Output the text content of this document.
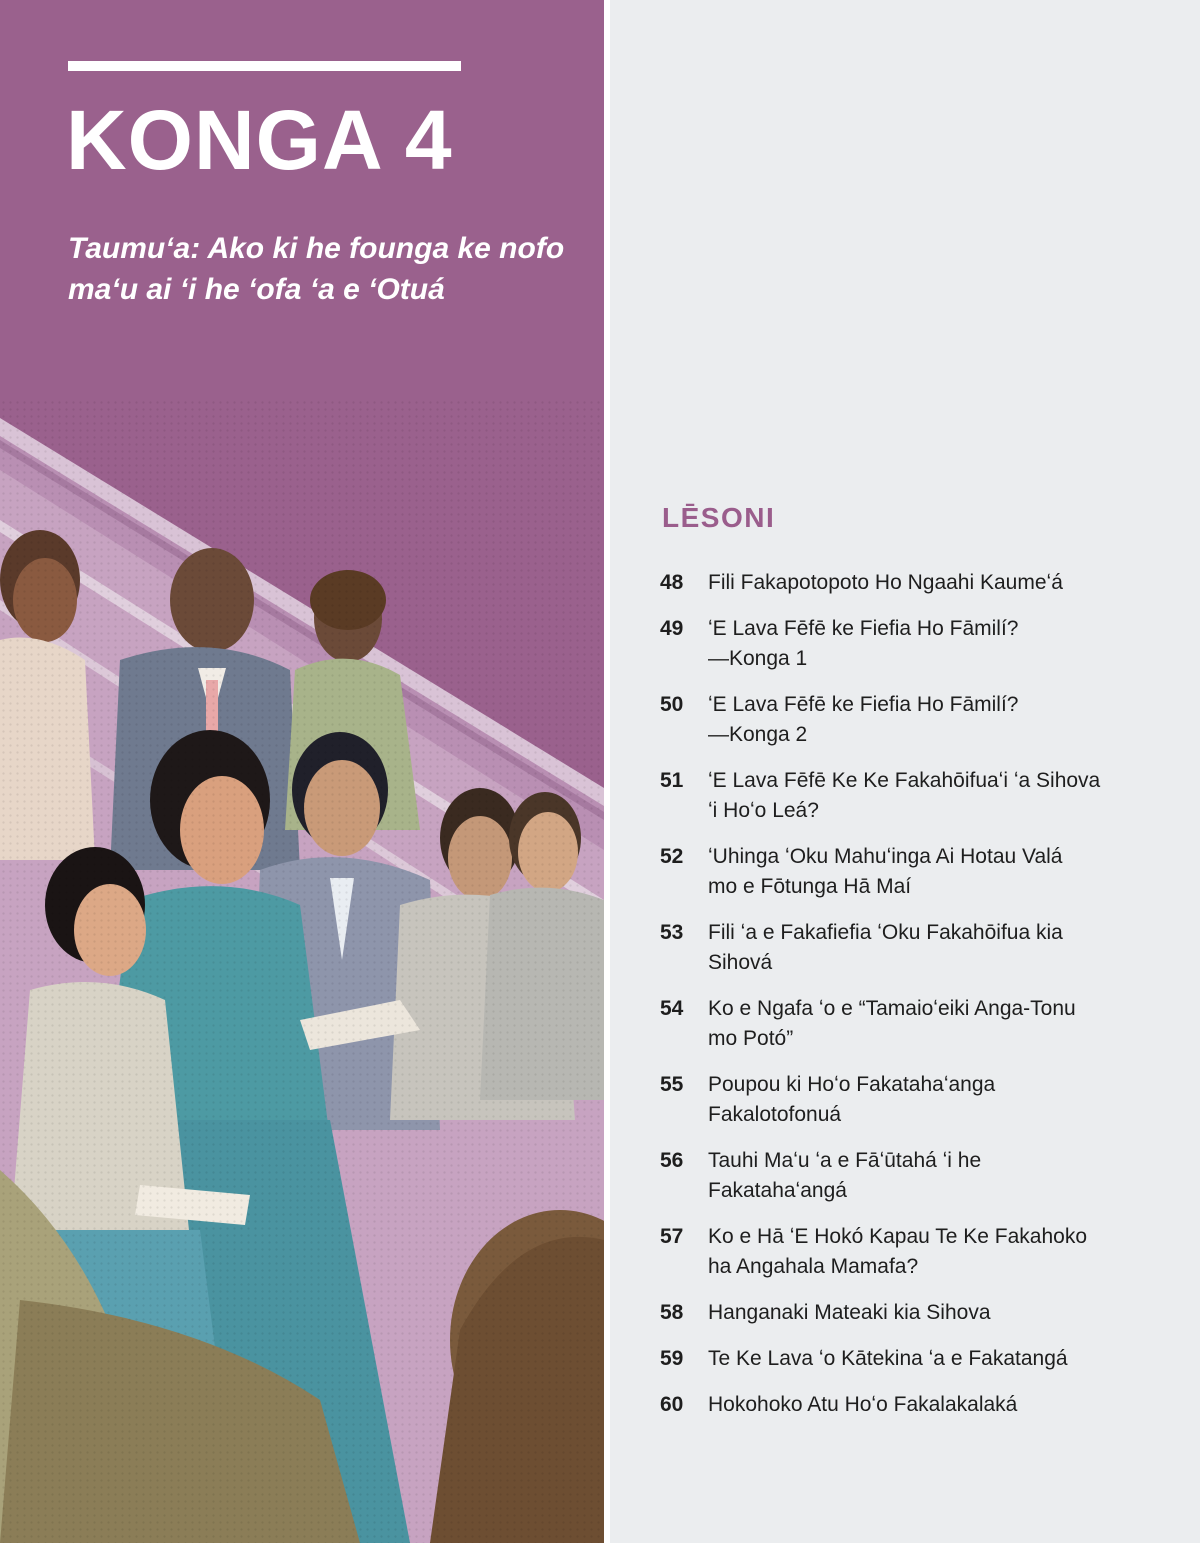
KONGA 4

Taumuʻa: Ako ki he founga ke nofo maʻu ai ʻi he ʻofa ʻa e ʻOtuá

LĒSONI
48	Fili Fakapotopoto Ho Ngaahi Kaumeʻá
49	ʻE Lava Fēfē ke Fiefia Ho Fāmilí?
—Konga 1
50	ʻE Lava Fēfē ke Fiefia Ho Fāmilí?
—Konga 2
51	ʻE Lava Fēfē Ke Ke Fakahōifuaʻi ʻa Sihova
ʻi Hoʻo Leá?
52	ʻUhinga ʻOku Mahuʻinga Ai Hotau Valá
mo e Fōtunga Hā Maí
53	Fili ʻa e Fakafiefia ʻOku Fakahōifua kia
Sihová
54	Ko e Ngafa ʻo e “Tamaioʻeiki Anga-Tonu
mo Potó”
55	Poupou ki Hoʻo Fakatahaʻanga
Fakalotofonuá
56	Tauhi Maʻu ʻa e Fāʻūtahá ʻi he
Fakatahaʻangá
57	Ko e Hā ʻE Hokó Kapau Te Ke Fakahoko
ha Angahala Mamafa?
58	Hanganaki Mateaki kia Sihova
59	Te Ke Lava ʻo Kātekina ʻa e Fakatangá
60	Hokohoko Atu Hoʻo Fakalakalaká
